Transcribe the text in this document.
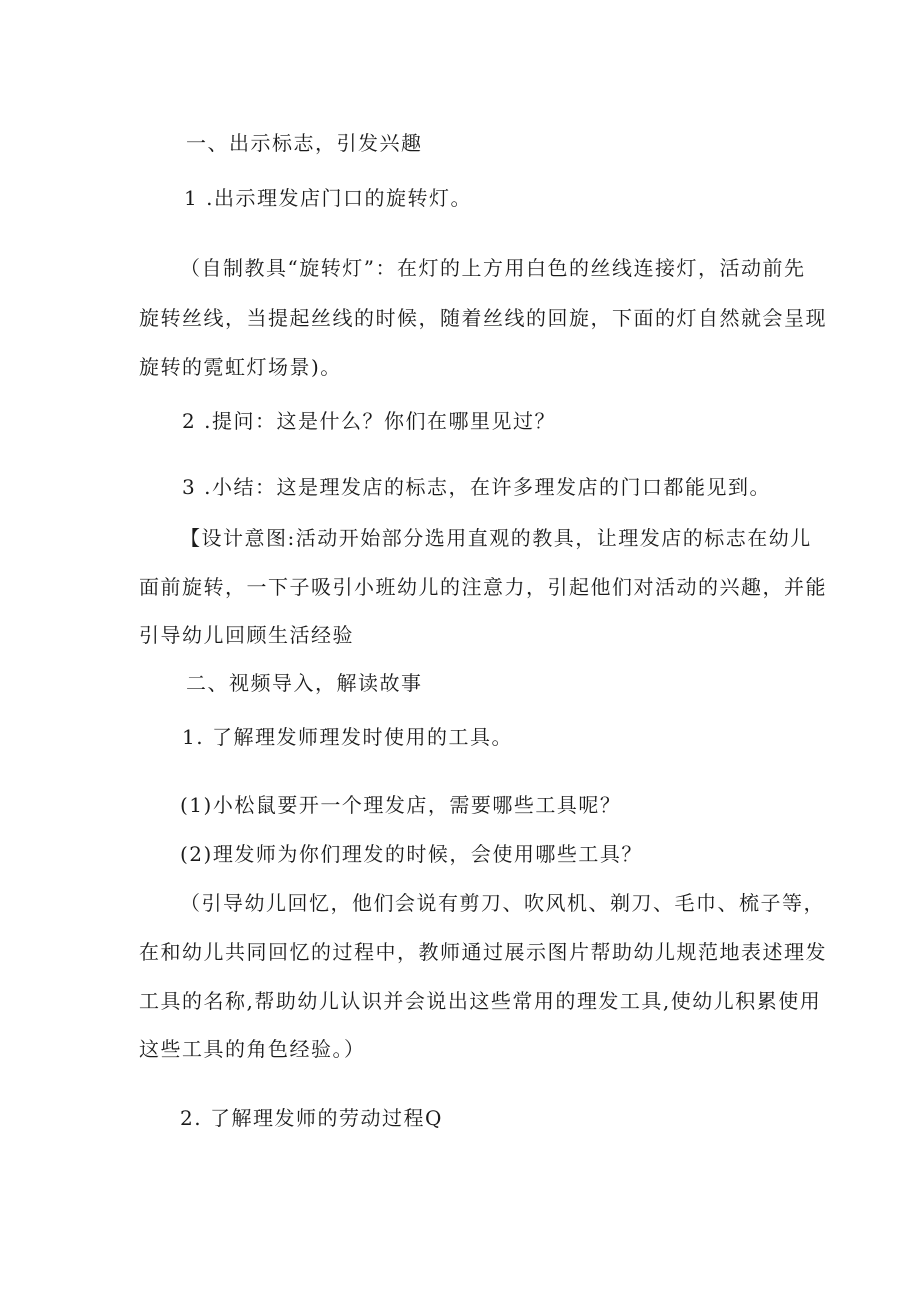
一、出示标志，引发兴趣
1 .出示理发店门口的旋转灯。
（自制教具“旋转灯”：在灯的上方用白色的丝线连接灯，活动前先
旋转丝线，当提起丝线的时候，随着丝线的回旋，下面的灯自然就会呈现
旋转的霓虹灯场景)。
2 .提问：这是什么？你们在哪里见过？
3 .小结：这是理发店的标志，在许多理发店的门口都能见到。
【设计意图:活动开始部分选用直观的教具，让理发店的标志在幼儿
面前旋转，一下子吸引小班幼儿的注意力，引起他们对活动的兴趣，并能
引导幼儿回顾生活经验
二、视频导入，解读故事
1. 了解理发师理发时使用的工具。
(1)小松鼠要开一个理发店，需要哪些工具呢？
(2)理发师为你们理发的时候，会使用哪些工具？
（引导幼儿回忆，他们会说有剪刀、吹风机、剃刀、毛巾、梳子等，
在和幼儿共同回忆的过程中，教师通过展示图片帮助幼儿规范地表述理发
工具的名称,帮助幼儿认识并会说出这些常用的理发工具,使幼儿积累使用
这些工具的角色经验。）
2. 了解理发师的劳动过程Q
